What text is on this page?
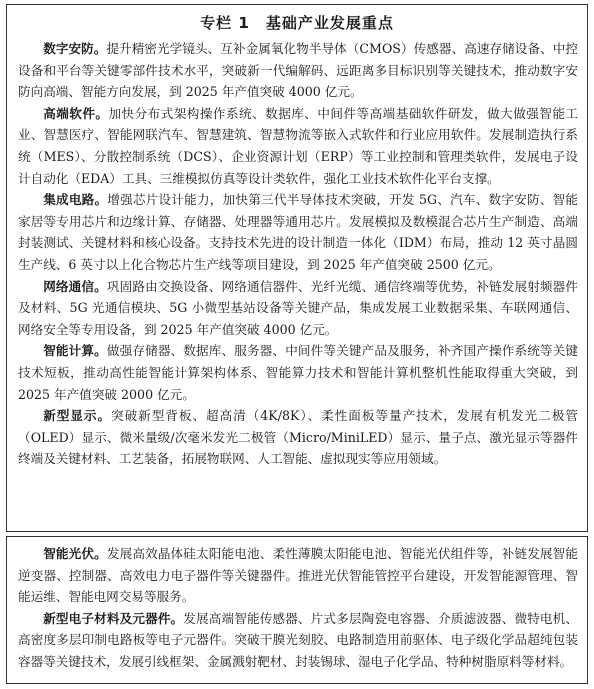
专栏 1 基础产业发展重点

数字安防。提升精密光学镜头、互补金属氧化物半导体（CMOS）传感器、高速存储设备、中控设备和平台等关键零部件技术水平，突破新一代编解码、远距离多目标识别等关键技术，推动数字安防向高端、智能方向发展，到 2025 年产值突破 4000 亿元。

高端软件。加快分布式架构操作系统、数据库、中间件等高端基础软件研发，做大做强智能工业、智慧医疗、智能网联汽车、智慧建筑、智慧物流等嵌入式软件和行业应用软件。发展制造执行系统（MES）、分散控制系统（DCS）、企业资源计划（ERP）等工业控制和管理类软件，发展电子设计自动化（EDA）工具、三维模拟仿真等设计类软件，强化工业技术软件化平台支撑。

集成电路。增强芯片设计能力，加快第三代半导体技术突破，开发 5G、汽车、数字安防、智能家居等专用芯片和边缘计算、存储器、处理器等通用芯片。发展模拟及数模混合芯片生产制造、高端封装测试、关键材料和核心设备。支持技术先进的设计制造一体化（IDM）布局，推动 12 英寸晶圆生产线、6 英寸以上化合物芯片生产线等项目建设，到 2025 年产值突破 2500 亿元。

网络通信。巩固路由交换设备、网络通信器件、光纤光缆、通信终端等优势，补链发展射频器件及材料、5G 光通信模块、5G 小微型基站设备等关键产品，集成发展工业数据采集、车联网通信、网络安全等专用设备，到 2025 年产值突破 4000 亿元。

智能计算。做强存储器、数据库、服务器、中间件等关键产品及服务，补齐国产操作系统等关键技术短板，推动高性能智能计算架构体系、智能算力技术和智能计算机整机性能取得重大突破，到 2025 年产值突破 2000 亿元。

新型显示。突破新型背板、超高清（4K/8K）、柔性面板等量产技术，发展有机发光二极管（OLED）显示、微米量级/次毫米发光二极管（Micro/MiniLED）显示、量子点、激光显示等器件终端及关键材料、工艺装备，拓展物联网、人工智能、虚拟现实等应用领域。

智能光伏。发展高效晶体硅太阳能电池、柔性薄膜太阳能电池、智能光伏组件等，补链发展智能逆变器、控制器、高效电力电子器件等关键器件。推进光伏智能管控平台建设，开发智能源管理、智能运维、智能电网交易等服务。

新型电子材料及元器件。发展高端智能传感器、片式多层陶瓷电容器、介质滤波器、微特电机、高密度多层印制电路板等电子元器件。突破干膜光刻胶、电路制造用前驱体、电子级化学品超纯包装容器等关键技术，发展引线框架、金属溅射靶材、封装锡球、湿电子化学品、特种树脂原料等材料。
